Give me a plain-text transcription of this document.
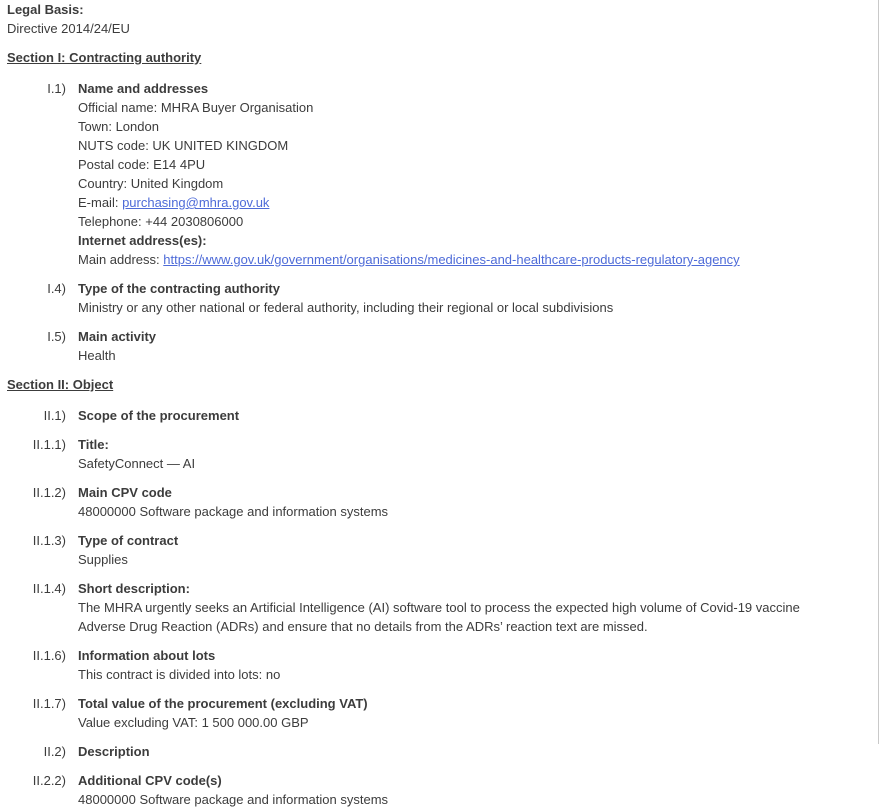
Legal Basis:
Directive 2014/24/EU
Section I: Contracting authority
I.1) Name and addresses
Official name: MHRA Buyer Organisation
Town: London
NUTS code: UK UNITED KINGDOM
Postal code: E14 4PU
Country: United Kingdom
E-mail: purchasing@mhra.gov.uk
Telephone: +44 2030806000
Internet address(es):
Main address: https://www.gov.uk/government/organisations/medicines-and-healthcare-products-regulatory-agency
I.4) Type of the contracting authority
Ministry or any other national or federal authority, including their regional or local subdivisions
I.5) Main activity
Health
Section II: Object
II.1) Scope of the procurement
II.1.1) Title:
SafetyConnect — AI
II.1.2) Main CPV code
48000000 Software package and information systems
II.1.3) Type of contract
Supplies
II.1.4) Short description:
The MHRA urgently seeks an Artificial Intelligence (AI) software tool to process the expected high volume of Covid-19 vaccine Adverse Drug Reaction (ADRs) and ensure that no details from the ADRs’ reaction text are missed.
II.1.6) Information about lots
This contract is divided into lots: no
II.1.7) Total value of the procurement (excluding VAT)
Value excluding VAT: 1 500 000.00 GBP
II.2) Description
II.2.2) Additional CPV code(s)
48000000 Software package and information systems
